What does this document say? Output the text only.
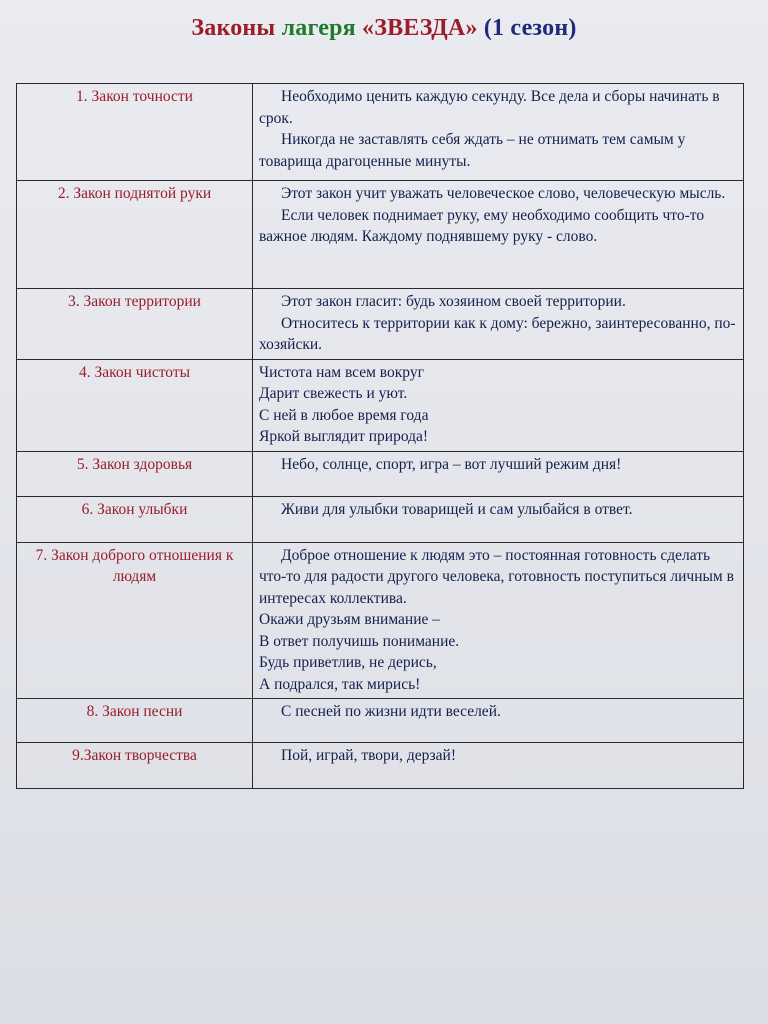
Законы лагеря «ЗВЕЗДА» (1 сезон)
1. Закон точности	Необходимо ценить каждую секунду. Все дела и сборы начинать в срок.
Никогда не заставлять себя ждать – не отнимать тем самым у товарища драгоценные минуты.

2. Закон поднятой руки	Этот закон учит уважать человеческое слово, человеческую мысль.
Если человек поднимает руку, ему необходимо сообщить что-то важное людям. Каждому поднявшему руку - слово.

3. Закон территории	Этот закон гласит: будь хозяином своей территории.
Относитесь к территории как к дому: бережно, заинтересованно, по-хозяйски.

4. Закон чистоты	Чистота нам всем вокруг
Дарит свежесть и уют.
С ней в любое время года
Яркой выглядит природа!

5. Закон здоровья	Небо, солнце, спорт, игра – вот лучший режим дня!

6. Закон улыбки	Живи для улыбки товарищей и сам улыбайся в ответ.

7. Закон доброго отношения к людям	Доброе отношение к людям это – постоянная готовность сделать что-то для радости другого человека, готовность поступиться личным в интересах коллектива.
Окажи друзьям внимание –
В ответ получишь понимание.
Будь приветлив, не дерись,
А подрался, так мирись!

8. Закон песни	С песней по жизни идти веселей.

9.Закон творчества	Пой, играй, твори, дерзай!
